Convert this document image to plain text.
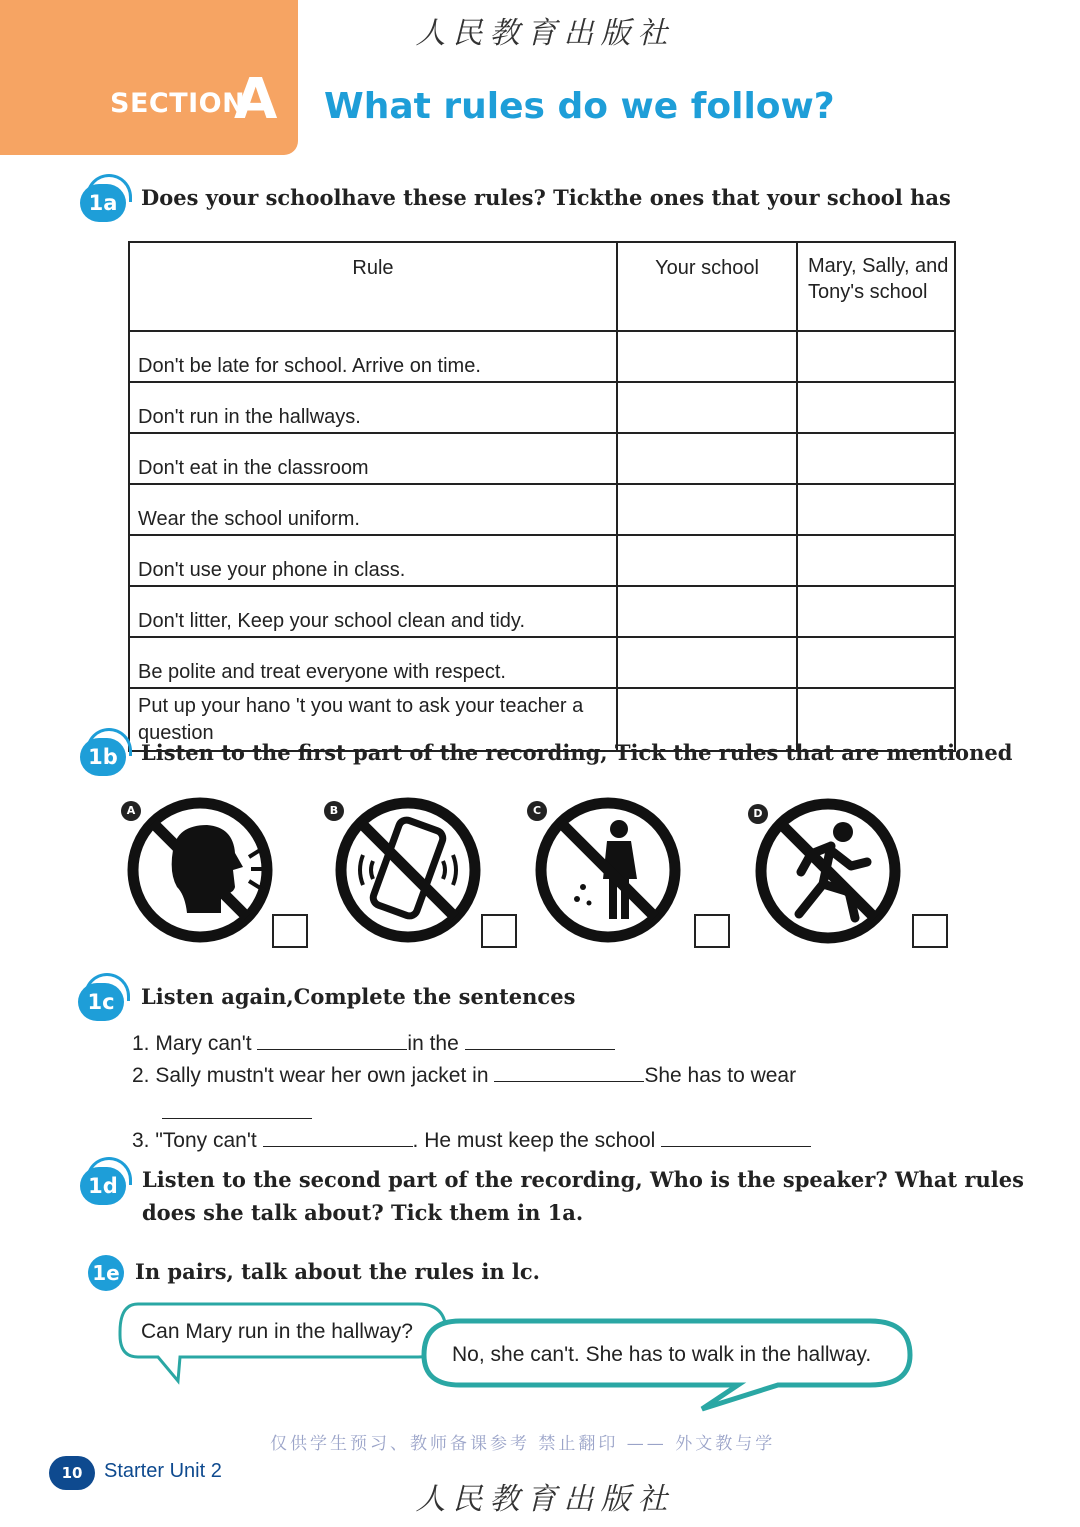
人民教育出版社
SECTION
A What rules do we follow?
1a	Does your schoolhave these rules? Tickthe ones that your school has
Rule	Your school	Mary, Sally, and Tony's school
Don't be late for school. Arrive on time.		
Don't run in the hallways.		
Don't eat in the classroom		
Wear the school uniform.		
Don't use your phone in class.		
Don't litter, Keep your school clean and tidy.		
Be polite and treat everyone with respect.		
Put up your hano 't you want to ask your teacher a question		
1b	Listen to the first part of the recording, Tick the rules that are mentioned
A	B	C	D
1c	Listen again,Complete the sentences
1. Mary can't	in the
2. Sally mustn't wear her own jacket in	She has to wear
3. "Tony can't	. He must keep the school
1d	Listen to the second part of the recording, Who is the speaker? What rules
does she talk about? Tick them in 1a.
1e In pairs, talk about the rules in lc.
Can Mary run in the hallway?
No, she can't. She has to walk in the hallway.
仅供学生预习、教师备课参考 禁止翻印 —— 外文教与学
10	Starter Unit 2
人民教育出版社
